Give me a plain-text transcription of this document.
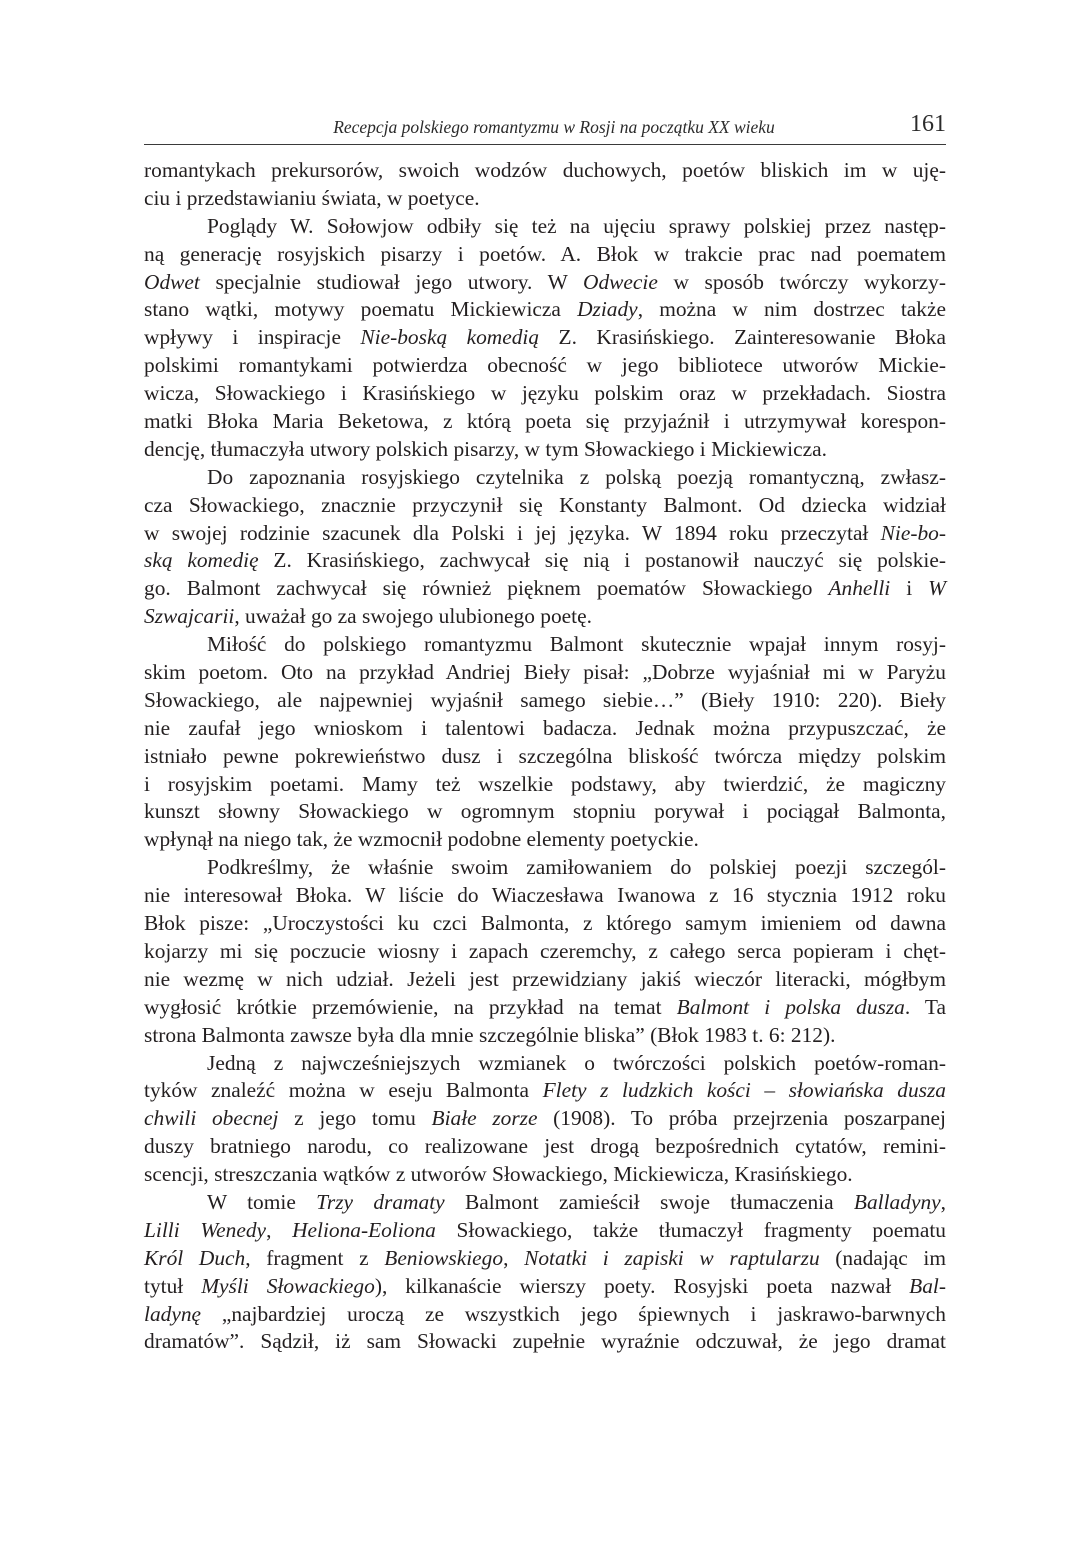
Recepcja polskiego romantyzmu w Rosji na początku XX wieku	161
romantykach prekursorów, swoich wodzów duchowych, poetów bliskich im w uję-
ciu i przedstawianiu świata, w poetyce.
Poglądy W. Sołowjow odbiły się też na ujęciu sprawy polskiej przez następ-
ną generację rosyjskich pisarzy i poetów. A. Błok w trakcie prac nad poematem
Odwet specjalnie studiował jego utwory. W Odwecie w sposób twórczy wykorzy-
stano wątki, motywy poematu Mickiewicza Dziady, można w nim dostrzec także
wpływy i inspiracje Nie-boską komedią Z. Krasińskiego. Zainteresowanie Błoka
polskimi romantykami potwierdza obecność w jego bibliotece utworów Mickie-
wicza, Słowackiego i Krasińskiego w języku polskim oraz w przekładach. Siostra
matki Błoka Maria Beketowa, z którą poeta się przyjaźnił i utrzymywał korespon-
dencję, tłumaczyła utwory polskich pisarzy, w tym Słowackiego i Mickiewicza.
Do zapoznania rosyjskiego czytelnika z polską poezją romantyczną, zwłasz-
cza Słowackiego, znacznie przyczynił się Konstanty Balmont. Od dziecka widział
w swojej rodzinie szacunek dla Polski i jej języka. W 1894 roku przeczytał Nie-bo-
ską komedię Z. Krasińskiego, zachwycał się nią i postanowił nauczyć się polskie-
go. Balmont zachwycał się również pięknem poematów Słowackiego Anhelli i W
Szwajcarii, uważał go za swojego ulubionego poetę.
Miłość do polskiego romantyzmu Balmont skutecznie wpajał innym rosyj-
skim poetom. Oto na przykład Andriej Biełу pisał: „Dobrze wyjaśniał mi w Paryżu
Słowackiego, ale najpewniej wyjaśnił samego siebie…” (Biełу 1910: 220). Biełу
nie zaufał jego wnioskom i talentowi badacza. Jednak można przypuszczać, że
istniało pewne pokrewieństwo dusz i szczególna bliskość twórcza między polskim
i rosyjskim poetami. Mamy też wszelkie podstawy, aby twierdzić, że magiczny
kunszt słowny Słowackiego w ogromnym stopniu porywał i pociągał Balmonta,
wpłynął na niego tak, że wzmocnił podobne elementy poetyckie.
Podkreślmy, że właśnie swoim zamiłowaniem do polskiej poezji szczegól-
nie interesował Błoka. W liście do Wiaczesława Iwanowa z 16 stycznia 1912 roku
Błok pisze: „Uroczystości ku czci Balmonta, z którego samym imieniem od dawna
kojarzy mi się poczucie wiosny i zapach czeremchy, z całego serca popieram i chęt-
nie wezmę w nich udział. Jeżeli jest przewidziany jakiś wieczór literacki, mógłbym
wygłosić krótkie przemówienie, na przykład na temat Balmont i polska dusza. Ta
strona Balmonta zawsze była dla mnie szczególnie bliska” (Błok 1983 t. 6: 212).
Jedną z najwcześniejszych wzmianek o twórczości polskich poetów-roman-
tyków znaleźć można w eseju Balmonta Flety z ludzkich kości – słowiańska dusza
chwili obecnej z jego tomu Białe zorze (1908). To próba przejrzenia poszarpanej
duszy bratniego narodu, co realizowane jest drogą bezpośrednich cytatów, remini-
scencji, streszczania wątków z utworów Słowackiego, Mickiewicza, Krasińskiego.
W tomie Trzy dramaty Balmont zamieścił swoje tłumaczenia Balladyny,
Lilli Wenedy, Heliona-Eoliona Słowackiego, także tłumaczył fragmenty poematu
Król Duch, fragment z Beniowskiego, Notatki i zapiski w raptularzu (nadając im
tytuł Myśli Słowackiego), kilkanaście wierszy poety. Rosyjski poeta nazwał Bal-
ladynę „najbardziej uroczą ze wszystkich jego śpiewnych i jaskrawo-barwnych
dramatów”. Sądził, iż sam Słowacki zupełnie wyraźnie odczuwał, że jego dramat
